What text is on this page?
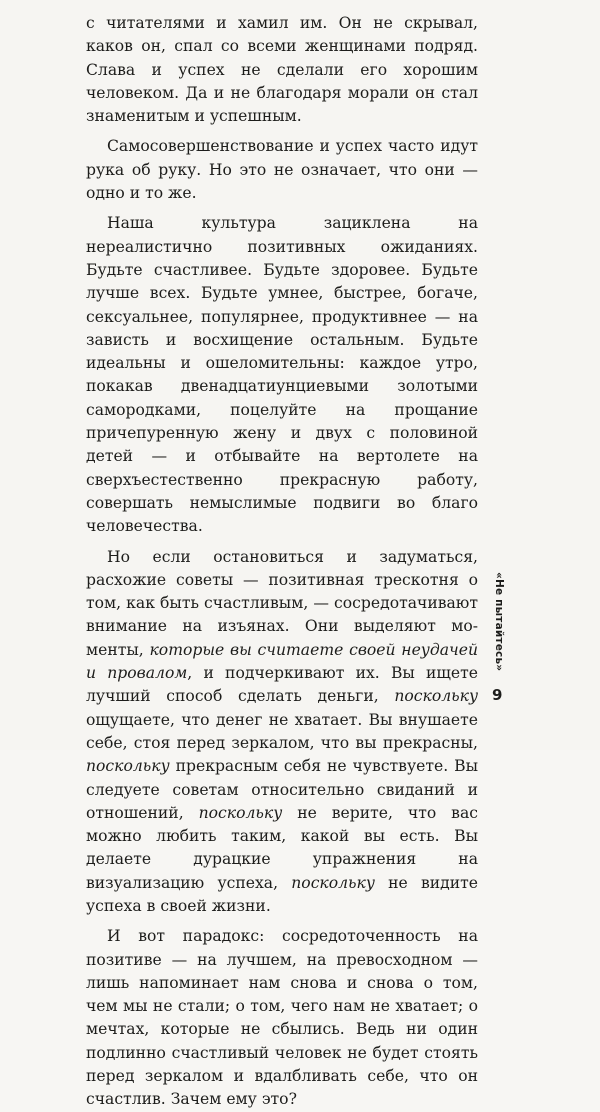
с читателями и хамил им. Он не скрывал, каков он, спал со всеми женщинами подряд. Слава и успех не сделали его хорошим человеком. Да и не благодаря морали он стал знаменитым и успешным.

Самосовершенствование и успех часто идут рука об руку. Но это не означает, что они — одно и то же.

Наша культура зациклена на нереалистично позитивных ожиданиях. Будьте счастливее. Будьте здоровее. Будьте лучше всех. Будьте умнее, быстрее, богаче, сексуальнее, популярнее, продуктивнее — на зависть и восхищение остальным. Будьте идеальны и ошеломительны: каждое утро, покакав двенадцатиунциевыми золотыми самородками, поцелуйте на прощание причепуренную жену и двух с половиной детей — и отбывайте на вертолете на сверхъестественно прекрасную работу, совершать немыслимые подвиги во благо человечества.

Но если остановиться и задуматься, расхожие советы — позитивная трескотня о том, как быть счастливым, — сосредотачивают внимание на изъянах. Они выделяют моменты, которые вы считаете своей неудачей и провалом, и подчеркивают их. Вы ищете лучший способ сделать деньги, поскольку ощущаете, что денег не хватает. Вы внушаете себе, стоя перед зеркалом, что вы прекрасны, поскольку прекрасным себя не чувствуете. Вы следуете советам относительно свиданий и отношений, поскольку не верите, что вас можно любить таким, какой вы есть. Вы делаете дурацкие упражнения на визуализацию успеха, поскольку не видите успеха в своей жизни.

И вот парадокс: сосредоточенность на позитиве — на лучшем, на превосходном — лишь напоминает нам снова и снова о том, чем мы не стали; о том, чего нам не хватает; о мечтах, которые не сбылись. Ведь ни один подлинно счастливый человек не будет стоять перед зеркалом и вдалбливать себе, что он счастлив. Зачем ему это?

«Не пытайтесь»
9
